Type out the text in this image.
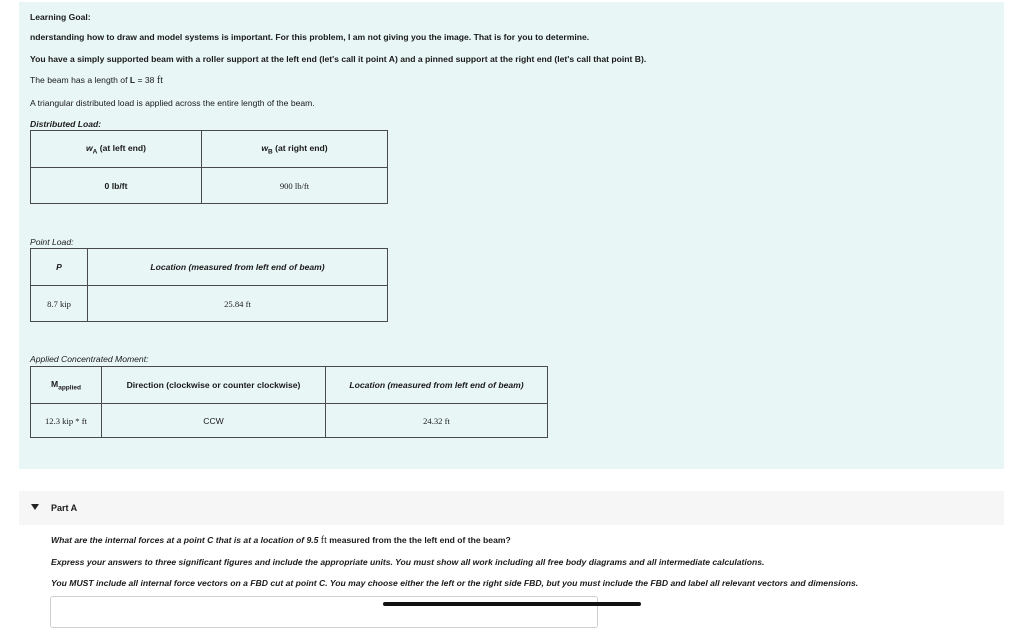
Learning Goal:
nderstanding how to draw and model systems is important. For this problem, I am not giving you the image. That is for you to determine.
You have a simply supported beam with a roller support at the left end (let's call it point A) and a pinned support at the right end (let's call that point B).
The beam has a length of L = 38 ft
A triangular distributed load is applied across the entire length of the beam.
Distributed Load:
$w_A$ (at left end)	$w_B$ (at right end)
0 lb/ft	900 lb/ft
Point Load:
P	Location (measured from left end of beam)
8.7 kip	25.84 ft
Applied Concentrated Moment:
$M_{applied}$	Direction (clockwise or counter clockwise)	Location (measured from left end of beam)
12.3 kip * ft	CCW	24.32 ft
Part A
What are the internal forces at a point C that is at a location of 9.5 ft measured from the the left end of the beam?
Express your answers to three significant figures and include the appropriate units. You must show all work including all free body diagrams and all intermediate calculations.
You MUST include all internal force vectors on a FBD cut at point C. You may choose either the left or the right side FBD, but you must include the FBD and label all relevant vectors and dimensions.
